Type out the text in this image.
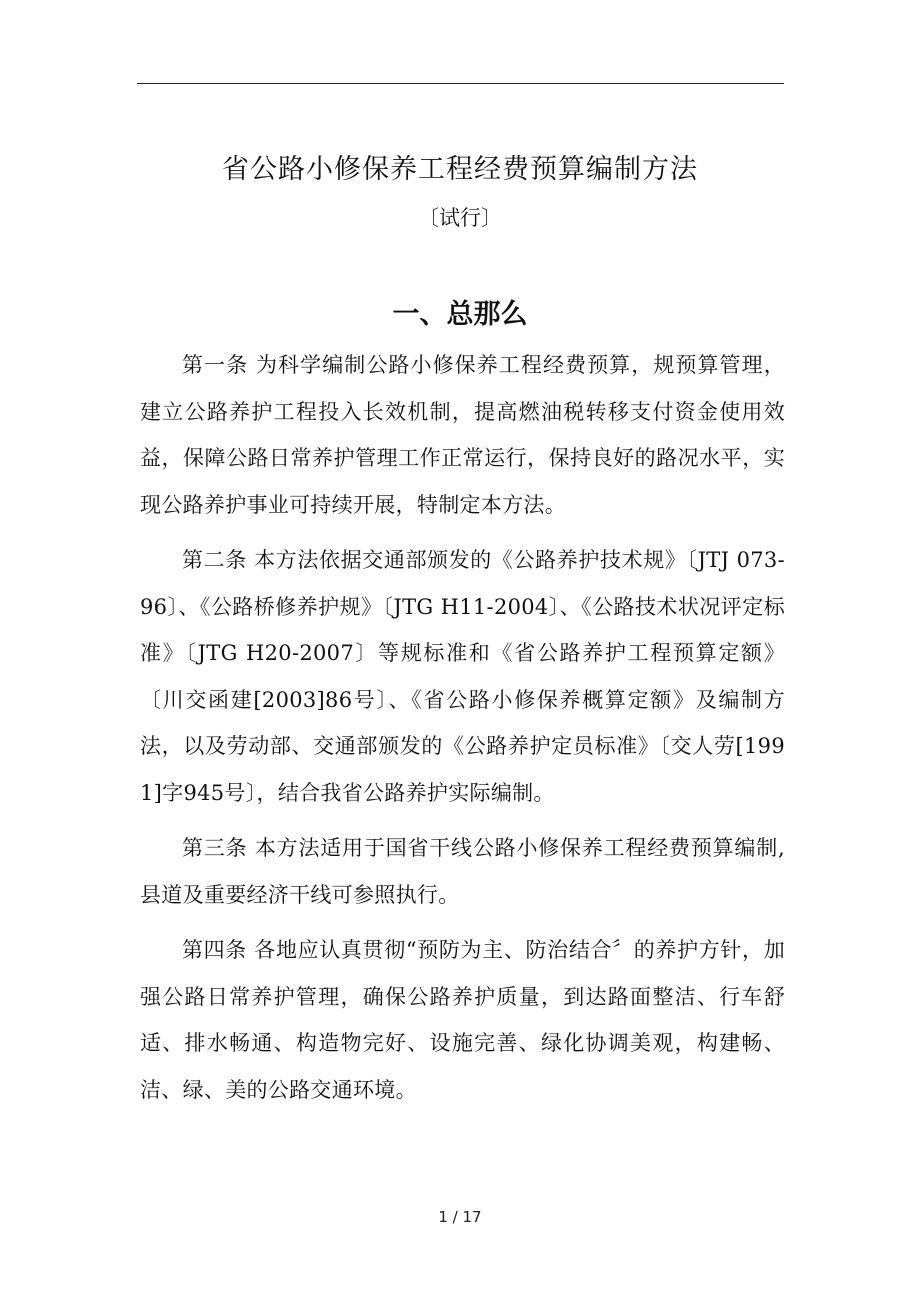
省公路小修保养工程经费预算编制方法
〔试行〕
一、总那么

第一条 为科学编制公路小修保养工程经费预算，规预算管理，建立公路养护工程投入长效机制，提高燃油税转移支付资金使用效益，保障公路日常养护管理工作正常运行，保持良好的路况水平，实现公路养护事业可持续开展，特制定本方法。

第二条 本方法依据交通部颁发的《公路养护技术规》〔JTJ 073-96〕、《公路桥修养护规》〔JTG H11-2004〕、《公路技术状况评定标准》〔JTG H20-2007〕等规标准和《省公路养护工程预算定额》〔川交函建[2003]86号〕、《省公路小修保养概算定额》及编制方法，以及劳动部、交通部颁发的《公路养护定员标准》〔交人劳[1991]字945号〕，结合我省公路养护实际编制。

第三条 本方法适用于国省干线公路小修保养工程经费预算编制,县道及重要经济干线可参照执行。

第四条 各地应认真贯彻“预防为主、防治结合〞的养护方针，加强公路日常养护管理，确保公路养护质量，到达路面整洁、行车舒适、排水畅通、构造物完好、设施完善、绿化协调美观，构建畅、洁、绿、美的公路交通环境。

1 / 17
